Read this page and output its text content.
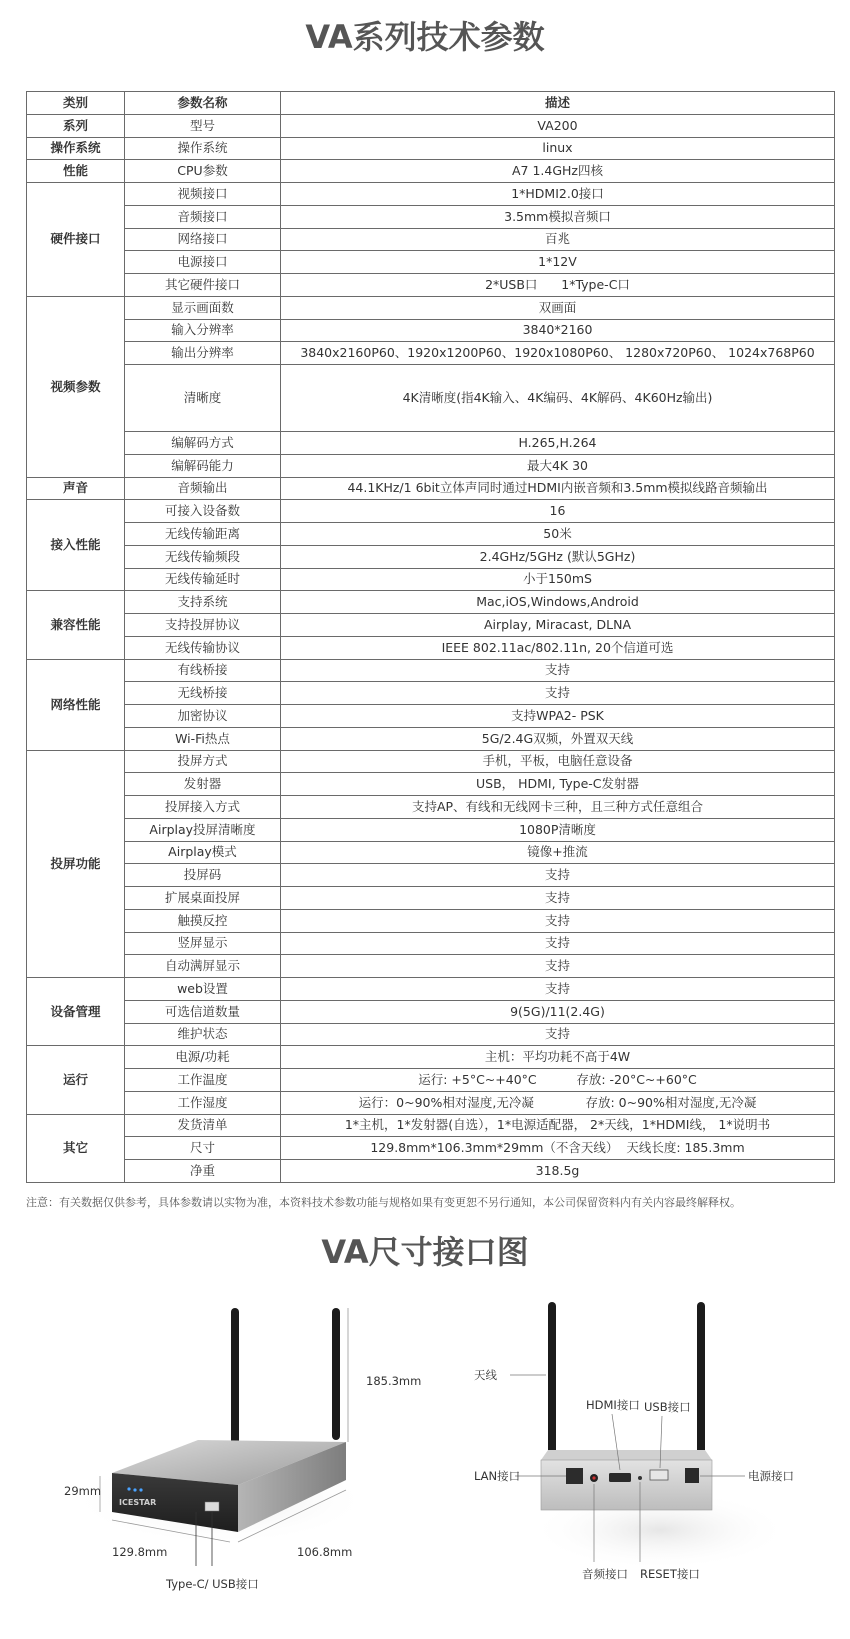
VA系列技术参数
类别	参数名称	描述
系列	型号	VA200
操作系统	操作系统	linux
性能	CPU参数	A7 1.4GHz四核
硬件接口	视频接口	1*HDMI2.0接口
	音频接口	3.5mm模拟音频口
	网络接口	百兆
	电源接口	1*12V
	其它硬件接口	2*USB口      1*Type-C口
视频参数	显示画面数	双画面
	输入分辨率	3840*2160
	输出分辨率	3840x2160P60、1920x1200P60、1920x1080P60、 1280x720P60、 1024x768P60
	清晰度	4K清晰度(指4K输入、4K编码、4K解码、4K60Hz输出)
	编解码方式	H.265,H.264
	编解码能力	最大4K 30
声音	音频输出	44.1KHz/1 6bit立体声同时通过HDMI内嵌音频和3.5mm模拟线路音频输出
接入性能	可接入设备数	16
	无线传输距离	50米
	无线传输频段	2.4GHz/5GHz (默认5GHz)
	无线传输延时	小于150mS
兼容性能	支持系统	Mac,iOS,Windows,Android
	支持投屏协议	Airplay, Miracast, DLNA
	无线传输协议	IEEE 802.11ac/802.11n, 20个信道可选
网络性能	有线桥接	支持
	无线桥接	支持
	加密协议	支持WPA2- PSK
	Wi-Fi热点	5G/2.4G双频，外置双天线
投屏功能	投屏方式	手机，平板，电脑任意设备
	发射器	USB， HDMI, Type-C发射器
	投屏接入方式	支持AP、有线和无线网卡三种，且三种方式任意组合
	Airplay投屏清晰度	1080P清晰度
	Airplay模式	镜像+推流
	投屏码	支持
	扩展桌面投屏	支持
	触摸反控	支持
	竖屏显示	支持
	自动满屏显示	支持
设备管理	web设置	支持
	可选信道数量	9(5G)/11(2.4G)
	维护状态	支持
运行	电源/功耗	主机：平均功耗不高于4W
	工作温度	运行: +5°C~+40°C          存放: -20°C~+60°C
	工作湿度	运行：0~90%相对湿度,无冷凝             存放: 0~90%相对湿度,无冷凝
其它	发货清单	1*主机，1*发射器(自选），1*电源适配器， 2*天线，1*HDMI线， 1*说明书
	尺寸	129.8mm*106.3mm*29mm（不含天线）  天线长度: 185.3mm
	净重	318.5g
注意：有关数据仅供参考，具体参数请以实物为准，本资料技术参数功能与规格如果有变更恕不另行通知，本公司保留资料内有关内容最终解释权。
VA尺寸接口图
ICESTAR
185.3mm
29mm
129.8mm	106.8mm
Type-C/ USB接口
天线
HDMI接口 USB接口
LAN接口	电源接口
音频接口 RESET接口
